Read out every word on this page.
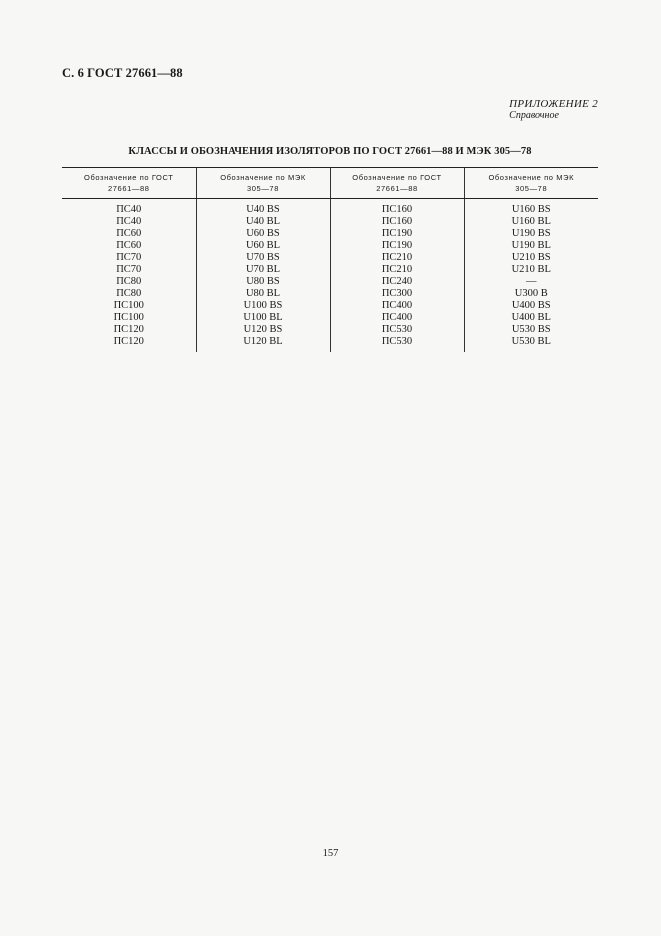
С. 6 ГОСТ 27661—88
ПРИЛОЖЕНИЕ 2
Справочное
КЛАССЫ И ОБОЗНАЧЕНИЯ ИЗОЛЯТОРОВ ПО ГОСТ 27661—88 И МЭК 305—78
Обозначение по ГОСТ
27661—88	Обозначение по МЭК
305—78	Обозначение по ГОСТ
27661—88	Обозначение по МЭК
305—78

ПС40	U40 BS	ПС160	U160 BS
ПС40	U40 BL	ПС160	U160 BL
ПС60	U60 BS	ПС190	U190 BS
ПС60	U60 BL	ПС190	U190 BL
ПС70	U70 BS	ПС210	U210 BS
ПС70	U70 BL	ПС210	U210 BL
ПС80	U80 BS	ПС240	—
ПС80	U80 BL	ПС300	U300 B
ПС100	U100 BS	ПС400	U400 BS
ПС100	U100 BL	ПС400	U400 BL
ПС120	U120 BS	ПС530	U530 BS
ПС120	U120 BL	ПС530	U530 BL
157
